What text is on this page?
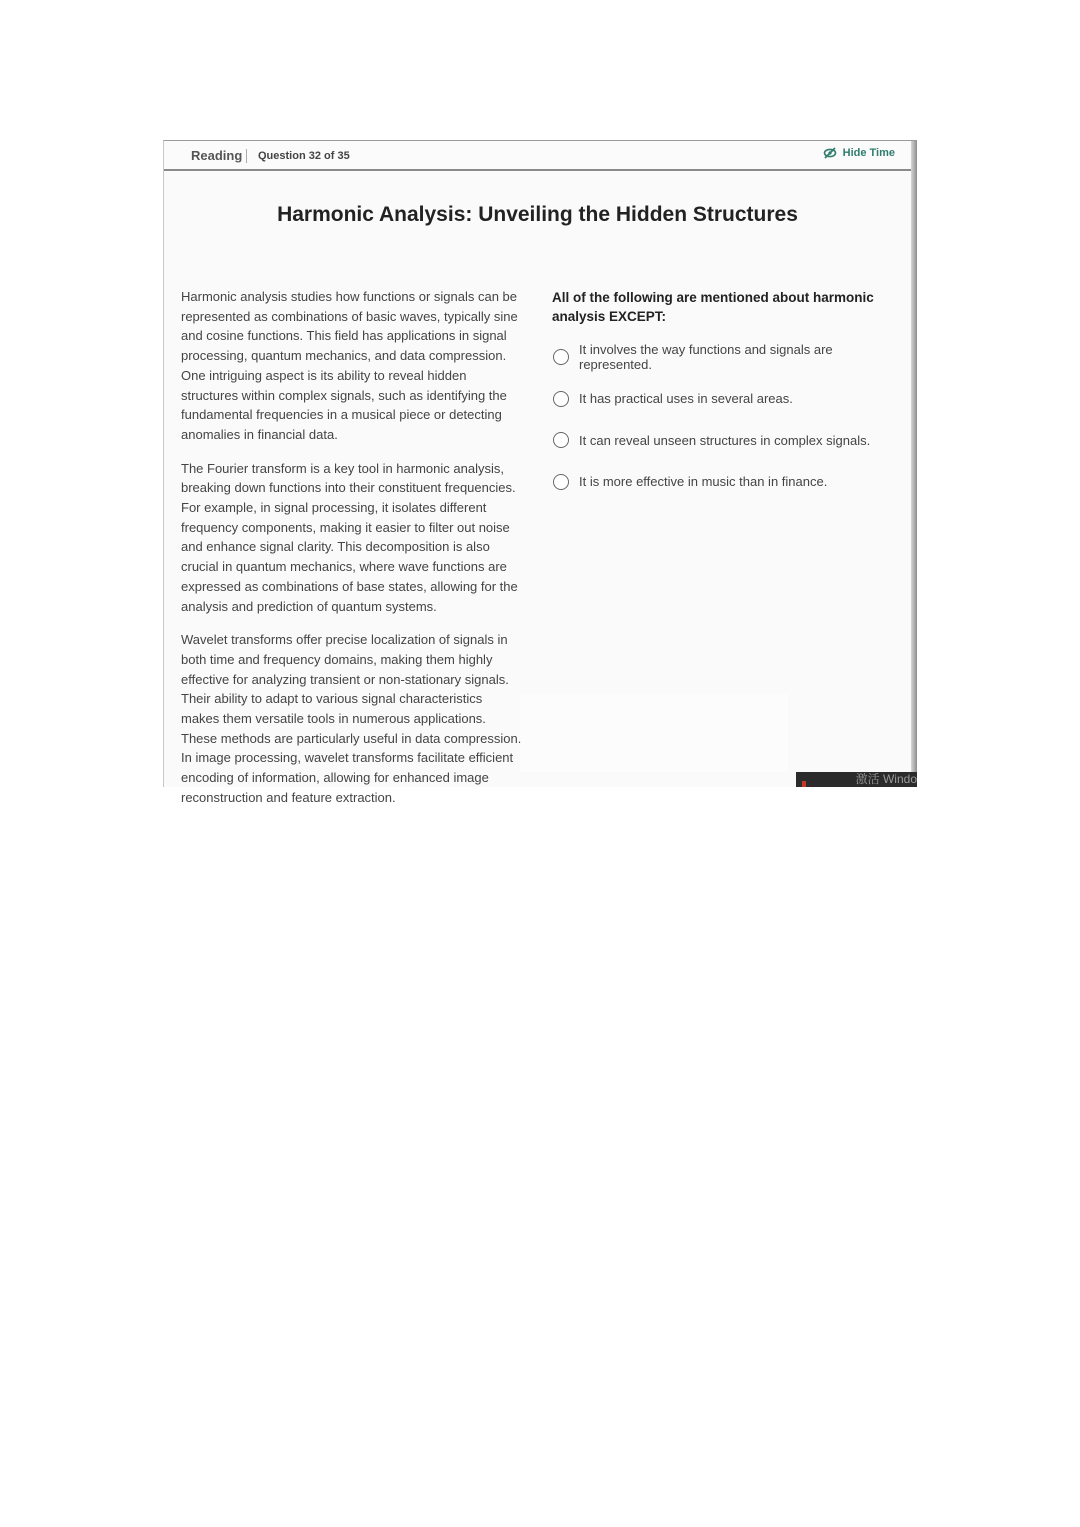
Reading Question 32 of 35	Hide Time
Harmonic Analysis: Unveiling the Hidden Structures

Harmonic analysis studies how functions or signals can be represented as combinations of basic waves, typically sine and cosine functions. This field has applications in signal processing, quantum mechanics, and data compression. One intriguing aspect is its ability to reveal hidden structures within complex signals, such as identifying the fundamental frequencies in a musical piece or detecting anomalies in financial data.

The Fourier transform is a key tool in harmonic analysis, breaking down functions into their constituent frequencies. For example, in signal processing, it isolates different frequency components, making it easier to filter out noise and enhance signal clarity. This decomposition is also crucial in quantum mechanics, where wave functions are expressed as combinations of base states, allowing for the analysis and prediction of quantum systems.

Wavelet transforms offer precise localization of signals in both time and frequency domains, making them highly effective for analyzing transient or non-stationary signals. Their ability to adapt to various signal characteristics makes them versatile tools in numerous applications. These methods are particularly useful in data compression. In image processing, wavelet transforms facilitate efficient encoding of information, allowing for enhanced image reconstruction and feature extraction.

All of the following are mentioned about harmonic analysis EXCEPT:
It involves the way functions and signals are represented.
It has practical uses in several areas.
It can reveal unseen structures in complex signals.
It is more effective in music than in finance.
激活 Windo
